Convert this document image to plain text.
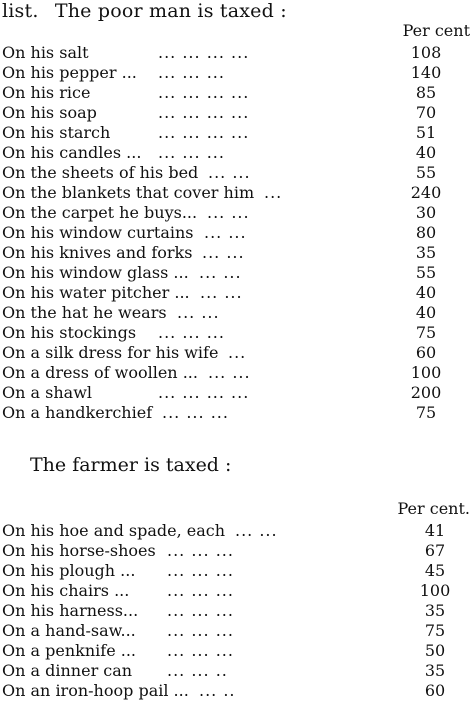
list. The poor man is taxed :
Per cent
On his salt	... ... ... ...	108
On his pepper ... ... ... ...	140
On his rice	... ... ... ...	85
On his soap	... ... ... ...	70
On his starch	... ... ... ...	51
On his candles ... ... ... ...	40
On the sheets of his bed ... ...	55
On the blankets that cover him ...	240
On the carpet he buys... ... ...	30
On his window curtains ... ...	80
On his knives and forks ... ...	35
On his window glass ... ... ...	55
On his water pitcher ... ... ...	40
On the hat he wears ... ...	40
On his stockings ... ... ...	75
On a silk dress for his wife ...	60
On a dress of woollen ... ... ...	100
On a shawl	... ... ... ...	200
On a handkerchief ... ... ...	75
The farmer is taxed :
Per cent.
On his hoe and spade, each ... ...	41
On his horse-shoes ... ... ...	67
On his plough ... ... ... ...	45
On his chairs ... ... ... ...	100
On his harness... ... ... ...	35
On a hand-saw... ... ... ...	75
On a penknife ... ... ... ...	50
On a dinner can ... ... ..	35
On an iron-hoop pail ... ... ..	60
